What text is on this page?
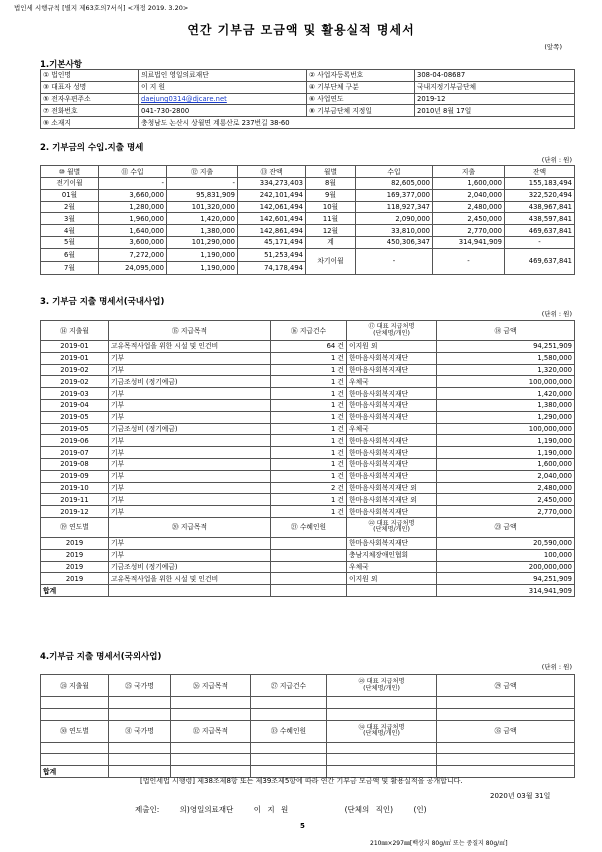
법인세 시행규칙 [별지 제63호의7서식] <개정 2019. 3.20>
연간 기부금 모금액 및 활용실적 명세서
(앞쪽)
1.기본사항
① 법인명	의료법인 영일의료재단	② 사업자등록번호	308-04-08687
③ 대표자 성명	이 지 원	④ 기부단체 구분	국내지정기부금단체
⑤ 전자우편주소	daejung0314@djcare.net	⑥ 사업연도	2019-12
⑦ 전화번호	041-730-2800	⑧ 기부금단체 지정일	2010년 8월 17일
⑨ 소재지	충청남도 논산시 상월면 계룡산로 237번길 38-60		
2. 기부금의 수입.지출 명세
(단위 : 원)
⑩ 월별	⑪ 수입	⑫ 지출	⑬ 잔액	월별	수입	지출	잔액
전기이월	-	-	334,273,403	8월	82,605,000	1,600,000	155,183,494
01월	3,660,000	95,831,909	242,101,494	9월	169,377,000	2,040,000	322,520,494
2월	1,280,000	101,320,000	142,061,494	10월	118,927,347	2,480,000	438,967,841
3월	1,960,000	1,420,000	142,601,494	11월	2,090,000	2,450,000	438,597,841
4월	1,640,000	1,380,000	142,861,494	12월	33,810,000	2,770,000	469,637,841
5월	3,600,000	101,290,000	45,171,494	계	450,306,347	314,941,909	-
6월	7,272,000	1,190,000	51,253,494	차기이월	-	-	469,637,841
7월	24,095,000	1,190,000	74,178,494				
3. 기부금 지출 명세서(국내사업)
(단위 : 원)
⑭ 지출월	⑮ 지급목적	⑯ 지급건수	⑰ 대표 지급처명
(단체명/개인)	⑱ 금액
2019-01	고유목적사업을 위한 시설 및 인건비	64 건	이지원 외	94,251,909
2019-01	기부	1 건	한마음사회복지재단	1,580,000
2019-02	기부	1 건	한마음사회복지재단	1,320,000
2019-02	기금조성비 (정기예금)	1 건	우체국	100,000,000
2019-03	기부	1 건	한마음사회복지재단	1,420,000
2019-04	기부	1 건	한마음사회복지재단	1,380,000
2019-05	기부	1 건	한마음사회복지재단	1,290,000
2019-05	기금조성비 (정기예금)	1 건	우체국	100,000,000
2019-06	기부	1 건	한마음사회복지재단	1,190,000
2019-07	기부	1 건	한마음사회복지재단	1,190,000
2019-08	기부	1 건	한마음사회복지재단	1,600,000
2019-09	기부	1 건	한마음사회복지재단	2,040,000
2019-10	기부	2 건	한마음사회복지재단 외	2,480,000
2019-11	기부	1 건	한마음사회복지재단 외	2,450,000
2019-12	기부	1 건	한마음사회복지재단	2,770,000
⑲ 연도별	⑳ 지급목적	㉑ 수혜인원	㉒ 대표 지급처명
(단체명/개인)	㉓ 금액
2019	기부		한마음사회복지재단	20,590,000
2019	기부		충남지체장애인협회	100,000
2019	기금조성비 (정기예금)		우체국	200,000,000
2019	고유목적사업을 위한 시설 및 인건비		이지원 외	94,251,909
합계				314,941,909
4.기부금 지출 명세서(국외사업)
(단위 : 원)
㉔ 지출월	㉕ 국가명	㉖ 지급목적	㉗ 지급건수	㉘ 대표 지급처명
(단체명/개인)	㉙ 금액

㉚ 연도별	㉛ 국가명	㉜ 지급목적	㉝ 수혜인원	㉞ 대표 지급처명
(단체명/개인)	㉟ 금액

합계					
[법인세법 시행령] 제38조제8항 또는 제39조제5항에 따라 연간 기부금 모금액 및 활용실적을 공개합니다.
2020년 03월 31일
제출인:	의)영일의료재단	이 지 원	(단체의 직인)	(인)
5
210㎜×297㎜[백상지 80g/㎡ 또는 중질지 80g/㎡]
